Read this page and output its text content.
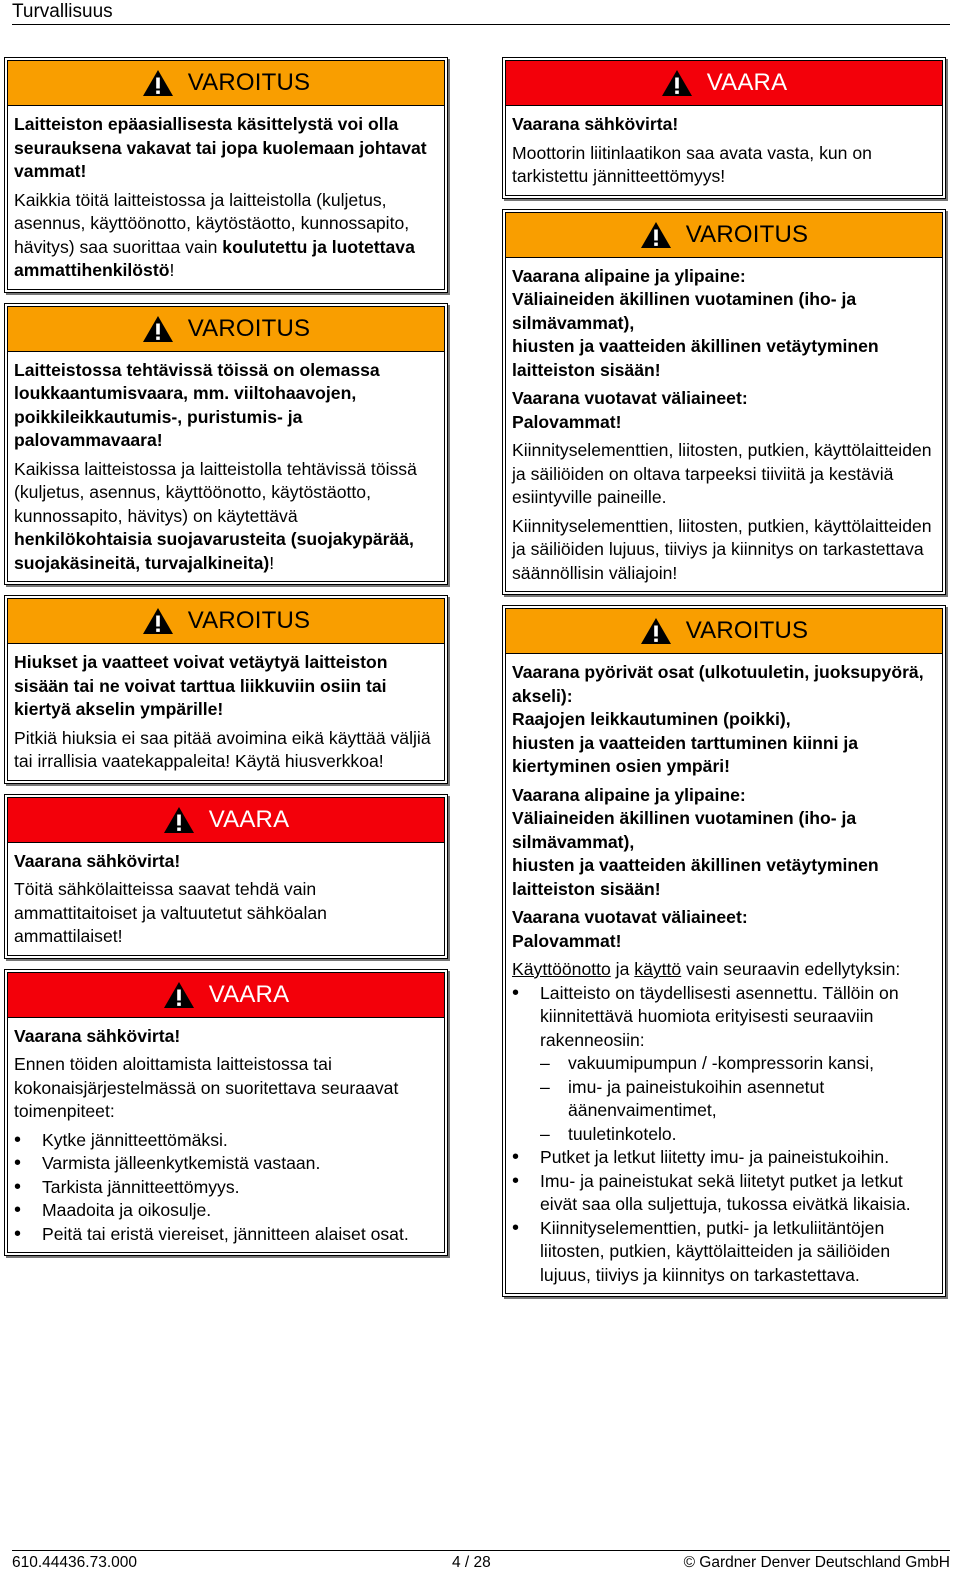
Turvallisuus
VAROITUS

Laitteiston epäasiallisesta käsittelystä voi olla seurauksena vakavat tai jopa kuolemaan johtavat vammat!

Kaikkia töitä laitteistossa ja laitteistolla (kuljetus, asennus, käyttöönotto, käytöstäotto, kunnossapito, hävitys) saa suorittaa vain koulutettu ja luotettava ammattihenkilöstö!

VAROITUS

Laitteistossa tehtävissä töissä on olemassa loukkaantumisvaara, mm. viiltohaavojen, poikkileikkautumis-, puristumis- ja palovammavaara!

Kaikissa laitteistossa ja laitteistolla tehtävissä töissä (kuljetus, asennus, käyttöönotto, käytöstäotto, kunnossapito, hävitys) on käytettävä henkilökohtaisia suojavarusteita (suojakypärää, suojakäsineitä, turvajalkineita)!

VAROITUS

Hiukset ja vaatteet voivat vetäytyä laitteiston sisään tai ne voivat tarttua liikkuviin osiin tai kiertyä akselin ympärille!

Pitkiä hiuksia ei saa pitää avoimina eikä käyttää väljiä tai irrallisia vaatekappaleita! Käytä hiusverkkoa!

VAARA

Vaarana sähkövirta!

Töitä sähkölaitteissa saavat tehdä vain ammattitaitoiset ja valtuutetut sähköalan ammattilaiset!

VAARA

Vaarana sähkövirta!

Ennen töiden aloittamista laitteistossa tai kokonaisjärjestelmässä on suoritettava seuraavat toimenpiteet:

• Kytke jännitteettömäksi.
• Varmista jälleenkytkemistä vastaan.
• Tarkista jännitteettömyys.
• Maadoita ja oikosulje.
• Peitä tai eristä viereiset, jännitteen alaiset osat.
VAARA

Vaarana sähkövirta!

Moottorin liitinlaatikon saa avata vasta, kun on tarkistettu jännitteettömyys!

VAROITUS

Vaarana alipaine ja ylipaine:
Väliaineiden äkillinen vuotaminen (iho- ja silmävammat),
hiusten ja vaatteiden äkillinen vetäytyminen laitteiston sisään!

Vaarana vuotavat väliaineet:
Palovammat!

Kiinnityselementtien, liitosten, putkien, käyttölaitteiden ja säiliöiden on oltava tarpeeksi tiiviitä ja kestäviä esiintyville paineille.

Kiinnityselementtien, liitosten, putkien, käyttölaitteiden ja säiliöiden lujuus, tiiviys ja kiinnitys on tarkastettava säännöllisin väliajoin!

VAROITUS

Vaarana pyörivät osat (ulkotuuletin, juoksupyörä, akseli):
Raajojen leikkautuminen (poikki),
hiusten ja vaatteiden tarttuminen kiinni ja kiertyminen osien ympäri!

Vaarana alipaine ja ylipaine:
Väliaineiden äkillinen vuotaminen (iho- ja silmävammat),
hiusten ja vaatteiden äkillinen vetäytyminen laitteiston sisään!

Vaarana vuotavat väliaineet:
Palovammat!

Käyttöönotto ja käyttö vain seuraavin edellytyksin:

• Laitteisto on täydellisesti asennettu. Tällöin on kiinnitettävä huomiota erityisesti seuraaviin rakenneosiin:
– vakuumipumpun / -kompressorin kansi,
– imu- ja paineistukoihin asennetut äänenvaimentimet,
– tuuletinkotelo.
• Putket ja letkut liitetty imu- ja paineistukoihin.
• Imu- ja paineistukat sekä liitetyt putket ja letkut eivät saa olla suljettuja, tukossa eivätkä likaisia.
• Kiinnityselementtien, putki- ja letkuliitäntöjen liitosten, putkien, käyttölaitteiden ja säiliöiden lujuus, tiiviys ja kiinnitys on tarkastettava.
610.44436.73.000	4 / 28	© Gardner Denver Deutschland GmbH
